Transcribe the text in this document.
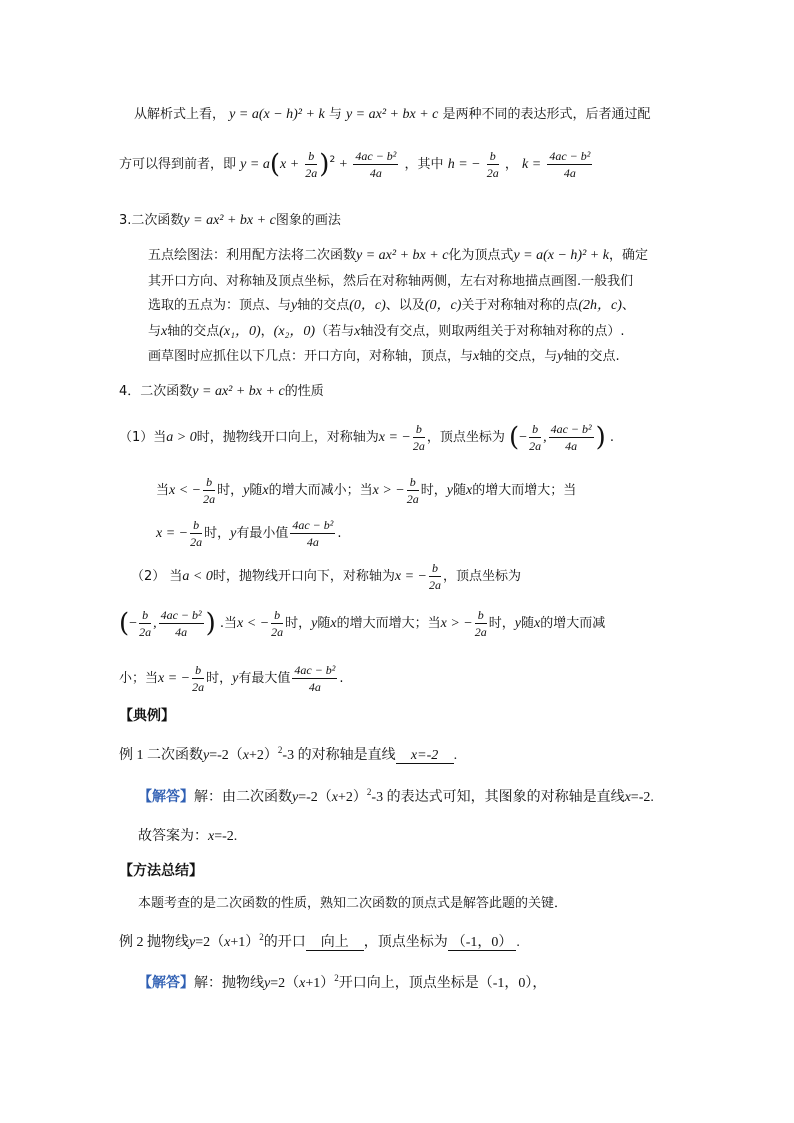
从解析式上看， y = a(x − h)² + k 与 y = ax² + bx + c 是两种不同的表达形式，后者通过配
方可以得到前者，即 $y = a(x + \frac{b}{2a} )^2 + \frac{\text{4ac − b²}}{4a}$ ，其中 h = − $\frac{b}{2a}$ ， $k = \frac{\text{4ac − b²}}{4a}$
3.二次函数y = ax² + bx + c图象的画法
五点绘图法：利用配方法将二次函数y = ax² + bx + c化为顶点式y = a(x − h)² + k，确定
其开口方向、对称轴及顶点坐标，然后在对称轴两侧，左右对称地描点画图.一般我们
选取的五点为：顶点、与y轴的交点(0，c)、以及(0，c)关于对称轴对称的点(2h，c)、
与x轴的交点(x₁，0)，(x₂，0)（若与x轴没有交点，则取两组关于对称轴对称的点）.
画草图时应抓住以下几点：开口方向，对称轴，顶点，与x轴的交点，与y轴的交点.
4．二次函数y = ax² + bx + c的性质
（1）当a > 0时，抛物线开口向上，对称轴为x = − $\frac{b}{2a}$ ，顶点坐标为 (− $\frac{b}{2a}$ , $\frac{\text{4ac − b²}}{4a}$ ) .
当x < − $\frac{b}{2a}$ 时，y随x的增大而减小；当x > − $\frac{b}{2a}$ 时，y随x的增大而增大；当
x = − $\frac{b}{2a}$ 时，y有最小值 $\frac{\text{4ac − b²}}{4a}$ .
（2） 当a < 0时，抛物线开口向下，对称轴为x = − $\frac{b}{2a}$ ，顶点坐标为
(− $\frac{b}{2a}$ , $\frac{\text{4ac − b²}}{4a}$ ) .当x < − $\frac{b}{2a}$ 时，y随x的增大而增大；当x > − $\frac{b}{2a}$ 时，y随x的增大而减
小；当x = − $\frac{b}{2a}$ 时，y有最大值 $\frac{\text{4ac − b²}}{4a}$ .
【典例】
例 1 二次函数$y=-2(x+2)^2-3$ 的对称轴是直线 x=-2 .
【解答】解：由二次函数$y=-2(x+2)^2-3$ 的表达式可知，其图象的对称轴是直线x=-2.
故答案为：x=-2.
【方法总结】
本题考查的是二次函数的性质，熟知二次函数的顶点式是解答此题的关键．
例 2 抛物线$y=2(x+1)^2$的开口 向上 ，顶点坐标为 （-1，0） .
【解答】解：抛物线$y=2(x+1)^2$开口向上，顶点坐标是（-1，0），
